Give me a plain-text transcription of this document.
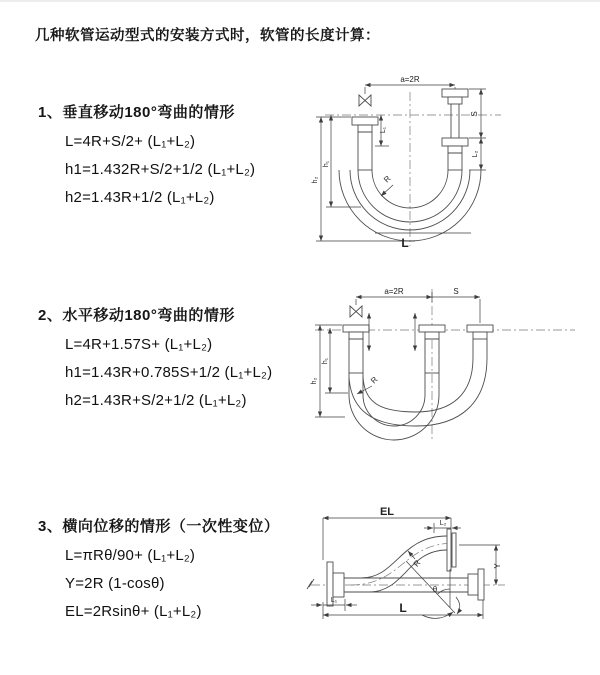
几种软管运动型式的安装方式时，软管的长度计算：
1、垂直移动180°弯曲的情形
L=4R+S/2+ (L₁+L₂)
h1=1.432R+S/2+1/2 (L₁+L₂)
h2=1.43R+1/2 (L₁+L₂)
2、水平移动180°弯曲的情形
L=4R+1.57S+ (L₁+L₂)
h1=1.43R+0.785S+1/2 (L₁+L₂)
h2=1.43R+S/2+1/2 (L₁+L₂)
3、横向位移的情形（一次性变位）
L=πRθ/90+ (L₁+L₂)
Y=2R (1-cosθ)
EL=2Rsinθ+ (L₁+L₂)
a=2R
h₂
h₁
L₁
S
L₂
R
L
a=2R	S
h₂
h₁
R
EL
L₂
Y
R
θ
L
L₁
